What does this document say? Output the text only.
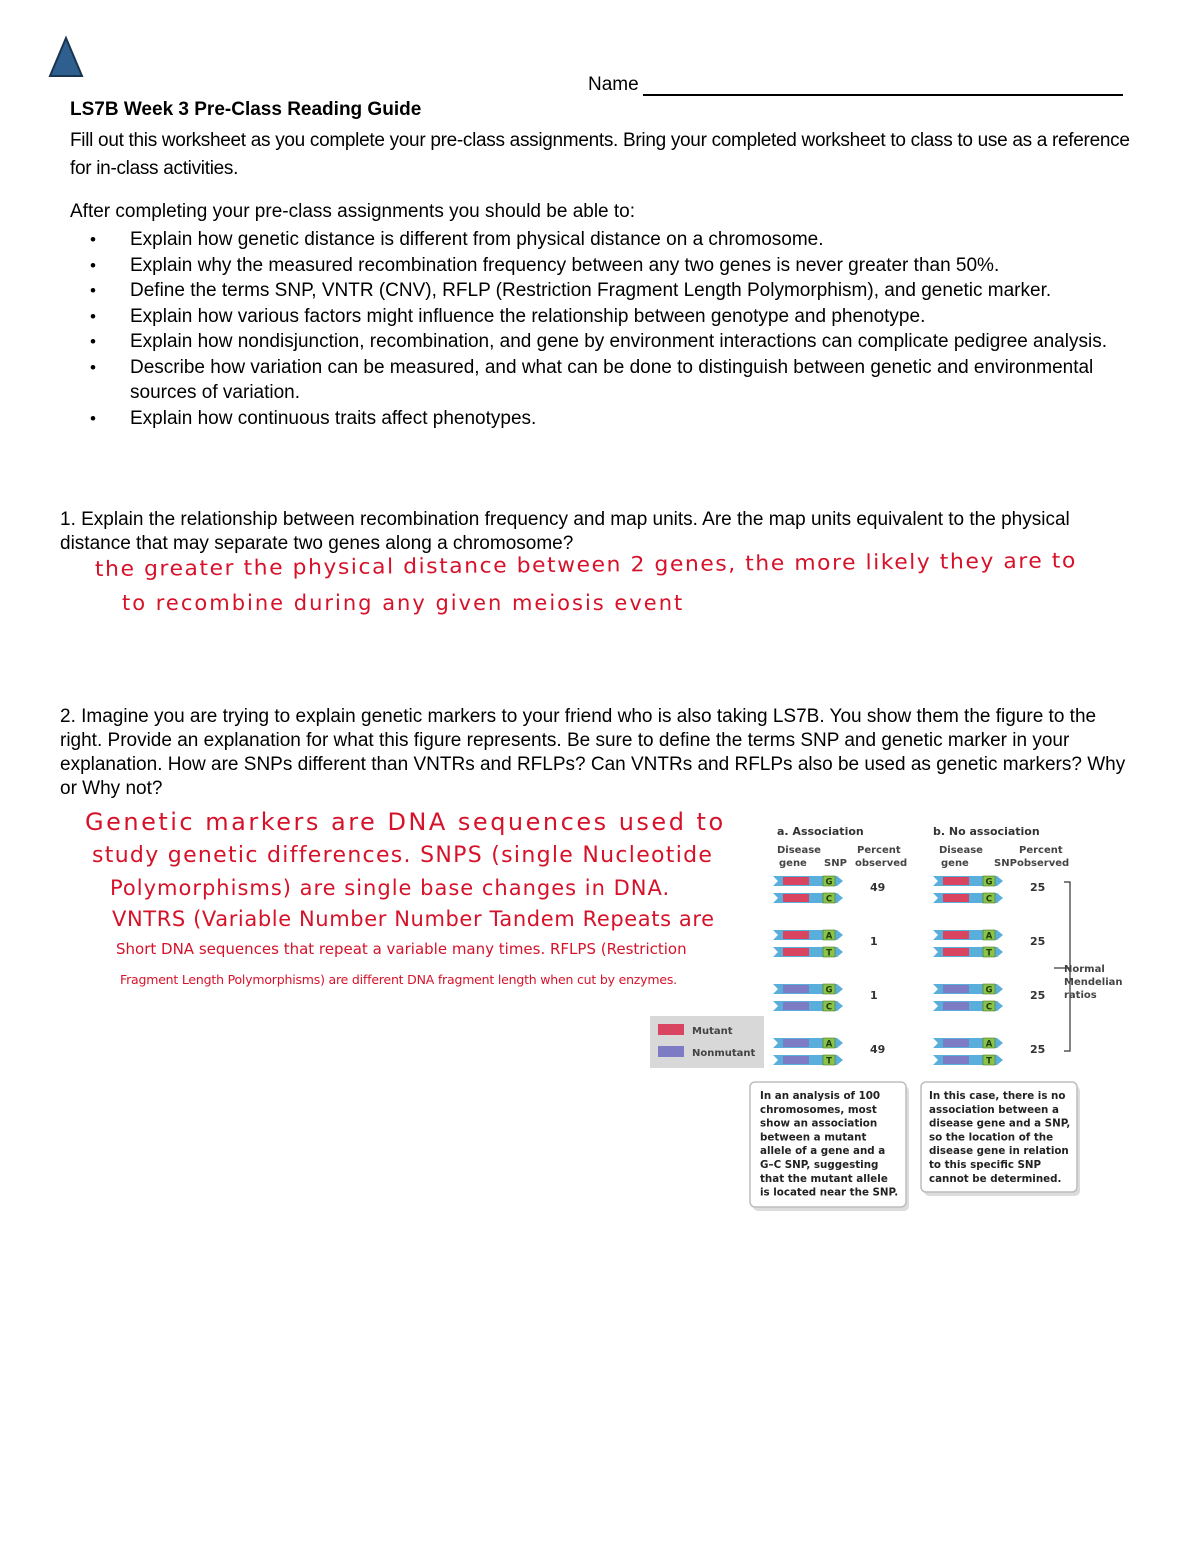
Name
LS7B Week 3 Pre-Class Reading Guide
Fill out this worksheet as you complete your pre-class assignments. Bring your completed worksheet to class to use as a reference for in-class activities.
After completing your pre-class assignments you should be able to:
• Explain how genetic distance is different from physical distance on a chromosome.
• Explain why the measured recombination frequency between any two genes is never greater than 50%.
• Define the terms SNP, VNTR (CNV), RFLP (Restriction Fragment Length Polymorphism), and genetic marker.
• Explain how various factors might influence the relationship between genotype and phenotype.
• Explain how nondisjunction, recombination, and gene by environment interactions can complicate pedigree analysis.
• Describe how variation can be measured, and what can be done to distinguish between genetic and environmental sources of variation.
• Explain how continuous traits affect phenotypes.
1. Explain the relationship between recombination frequency and map units. Are the map units equivalent to the physical distance that may separate two genes along a chromosome?
the greater the physical distance between 2 genes, the more likely they are to
to recombine during any given meiosis event
2. Imagine you are trying to explain genetic markers to your friend who is also taking LS7B. You show them the figure to the right. Provide an explanation for what this figure represents. Be sure to define the terms SNP and genetic marker in your explanation. How are SNPs different than VNTRs and RFLPs? Can VNTRs and RFLPs also be used as genetic markers? Why or Why not?
Genetic markers are DNA sequences used to
study genetic differences. SNPS (single Nucleotide
Polymorphisms) are single base changes in DNA.
VNTRS (Variable Number Number Tandem Repeats are
Short DNA sequences that repeat a variable many times. RFLPS (Restriction
Fragment Length Polymorphisms) are different DNA fragment length when cut by enzymes.
a. Association
Disease
gene SNP
Percent
observed
b. No association
Disease
gene	SNP
Percent
observed
G
C
49
A
T
1
G
C
1
A
T
49
G
C
25
A
T
25
G
C
25
A
T
25
Normal
Mendelian
ratios
Mutant
Nonmutant
In an analysis of 100
chromosomes, most
show an association
between a mutant
allele of a gene and a
G–C SNP, suggesting
that the mutant allele
is located near the SNP.
In this case, there is no
association between a
disease gene and a SNP,
so the location of the
disease gene in relation
to this specific SNP
cannot be determined.
